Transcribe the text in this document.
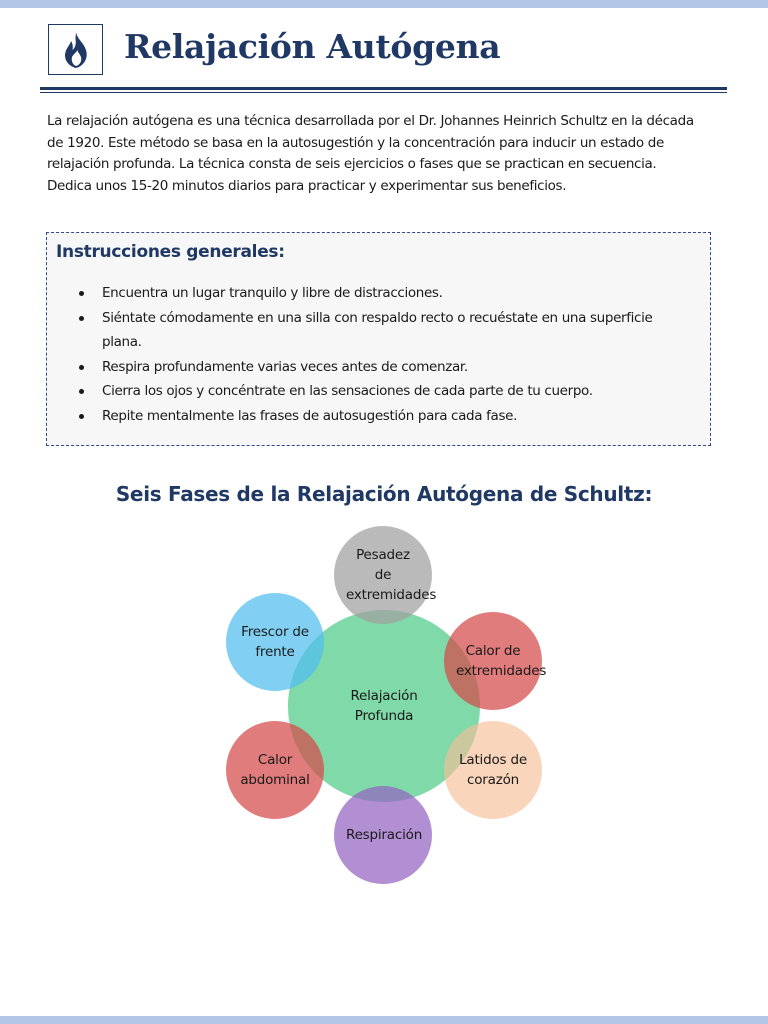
Relajación Autógena

La relajación autógena es una técnica desarrollada por el Dr. Johannes Heinrich Schultz en la década de 1920. Este método se basa en la autosugestión y la concentración para inducir un estado de relajación profunda. La técnica consta de seis ejercicios o fases que se practican en secuencia. Dedica unos 15-20 minutos diarios para practicar y experimentar sus beneficios.

Instrucciones generales:
Encuentra un lugar tranquilo y libre de distracciones.
Siéntate cómodamente en una silla con respaldo recto o recuéstate en una superficie plana.
Respira profundamente varias veces antes de comenzar.
Cierra los ojos y concéntrate en las sensaciones de cada parte de tu cuerpo.
Repite mentalmente las frases de autosugestión para cada fase.
Seis Fases de la Relajación Autógena de Schultz:
Relajación Profunda
Pesadez de extremidades
Calor de extremidades
Latidos de corazón
Respiración
Calor abdominal
Frescor de frente
